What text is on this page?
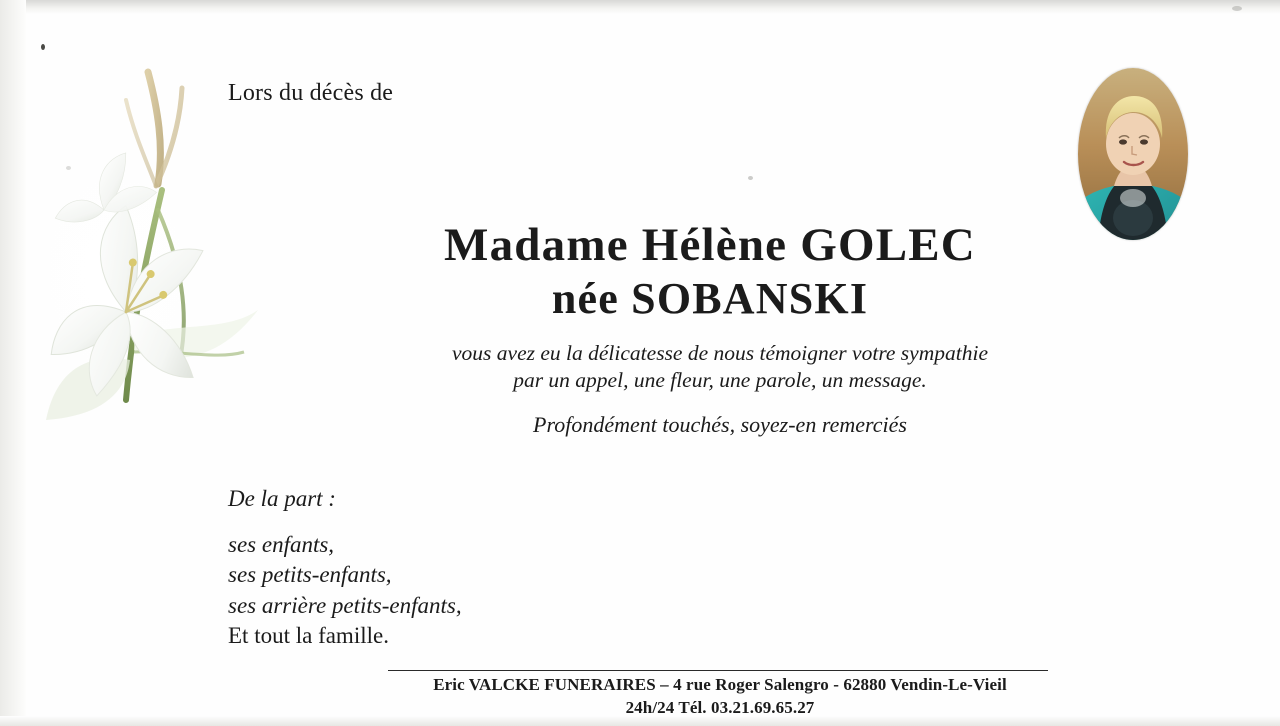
Lors du décès de
Madame Hélène GOLEC
née SOBANSKI
vous avez eu la délicatesse de nous témoigner votre sympathie
par un appel, une fleur, une parole, un message.
Profondément touchés, soyez-en remerciés
De la part :
ses enfants,
ses petits-enfants,
ses arrière petits-enfants,
Et tout la famille.
Eric VALCKE FUNERAIRES – 4 rue Roger Salengro - 62880 Vendin-Le-Vieil
24h/24 Tél. 03.21.69.65.27
